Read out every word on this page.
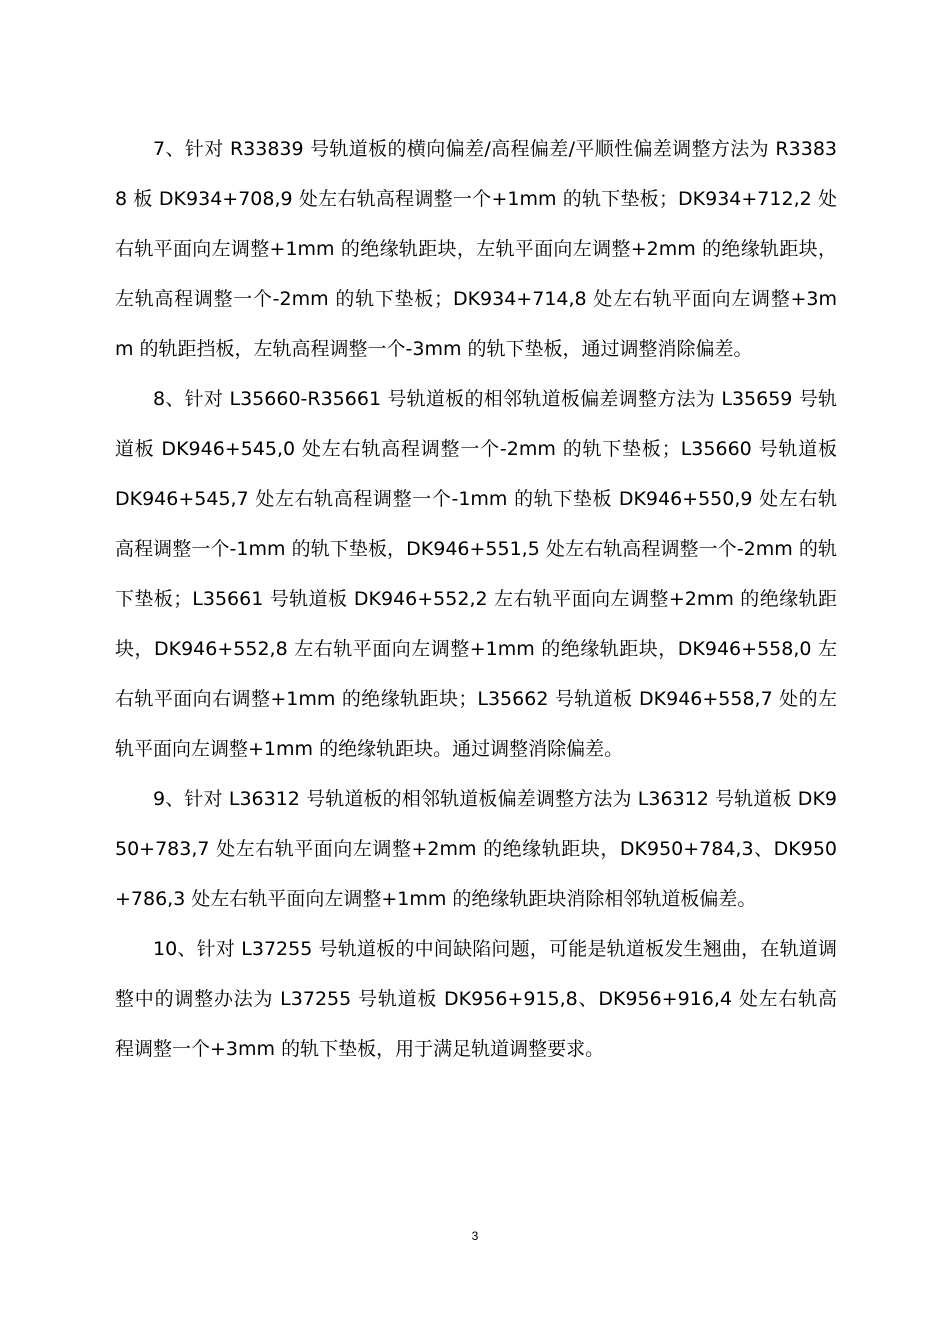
7、针对 R33839 号轨道板的横向偏差/高程偏差/平顺性偏差调整方法为 R33838 板 DK934+708,9 处左右轨高程调整一个+1mm 的轨下垫板；DK934+712,2 处右轨平面向左调整+1mm 的绝缘轨距块，左轨平面向左调整+2mm 的绝缘轨距块，左轨高程调整一个-2mm 的轨下垫板；DK934+714,8 处左右轨平面向左调整+3mm 的轨距挡板，左轨高程调整一个-3mm 的轨下垫板，通过调整消除偏差。

8、针对 L35660-R35661 号轨道板的相邻轨道板偏差调整方法为 L35659 号轨道板 DK946+545,0 处左右轨高程调整一个-2mm 的轨下垫板；L35660 号轨道板 DK946+545,7 处左右轨高程调整一个-1mm 的轨下垫板 DK946+550,9 处左右轨高程调整一个-1mm 的轨下垫板，DK946+551,5 处左右轨高程调整一个-2mm 的轨下垫板；L35661 号轨道板 DK946+552,2 左右轨平面向左调整+2mm 的绝缘轨距块，DK946+552,8 左右轨平面向左调整+1mm 的绝缘轨距块，DK946+558,0 左右轨平面向右调整+1mm 的绝缘轨距块；L35662 号轨道板 DK946+558,7 处的左轨平面向左调整+1mm 的绝缘轨距块。通过调整消除偏差。

9、针对 L36312 号轨道板的相邻轨道板偏差调整方法为 L36312 号轨道板 DK950+783,7 处左右轨平面向左调整+2mm 的绝缘轨距块，DK950+784,3、DK950+786,3 处左右轨平面向左调整+1mm 的绝缘轨距块消除相邻轨道板偏差。

10、针对 L37255 号轨道板的中间缺陷问题，可能是轨道板发生翘曲，在轨道调整中的调整办法为 L37255 号轨道板 DK956+915,8、DK956+916,4 处左右轨高程调整一个+3mm 的轨下垫板，用于满足轨道调整要求。

3
